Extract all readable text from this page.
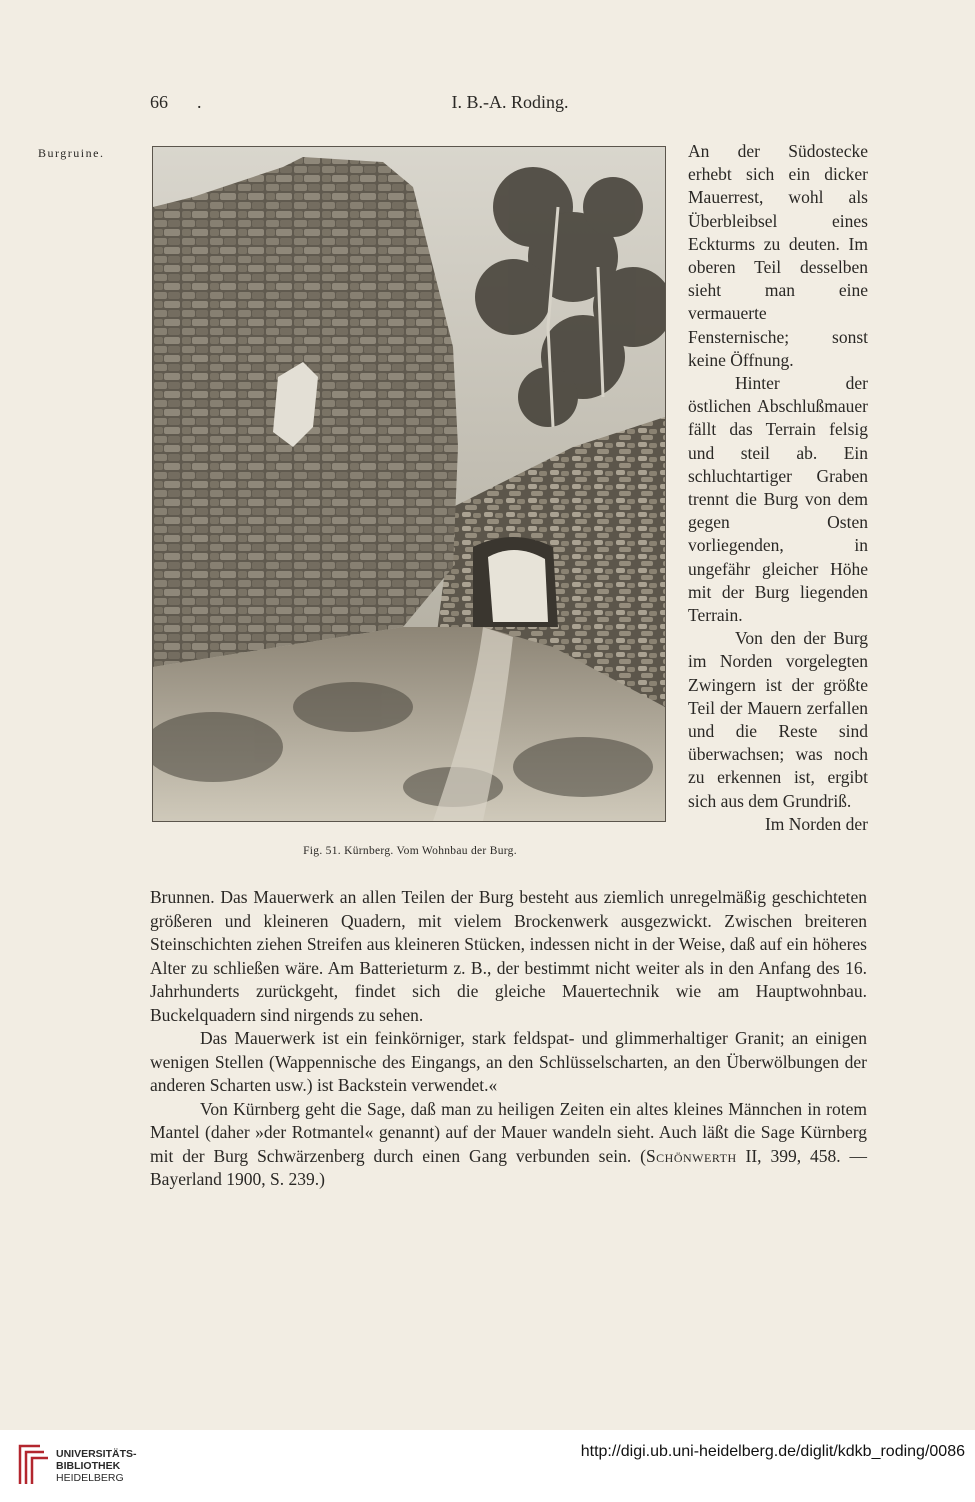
66 .	I. B.-A. Roding.
Burgruine.
Fig. 51. Kürnberg. Vom Wohnbau der Burg.

An der Südostecke erhebt sich ein dicker Mauerrest, wohl als Überbleibsel eines Eckturms zu deuten. Im oberen Teil desselben sieht man eine vermauerte Fensternische; sonst keine Öffnung.

Hinter der östlichen Abschlußmauer fällt das Terrain felsig und steil ab. Ein schluchtartiger Graben trennt die Burg von dem gegen Osten vorliegenden, in ungefähr gleicher Höhe mit der Burg liegenden Terrain.

Von den der Burg im Norden vorgelegten Zwingern ist der größte Teil der Mauern zerfallen und die Reste sind überwachsen; was noch zu erkennen ist, ergibt sich aus dem Grundriß.

Im Norden der

Brunnen. Das Mauerwerk an allen Teilen der Burg besteht aus ziemlich unregelmäßig geschichteten größeren und kleineren Quadern, mit vielem Brockenwerk ausgezwickt. Zwischen breiteren Steinschichten ziehen Streifen aus kleineren Stücken, indessen nicht in der Weise, daß auf ein höheres Alter zu schließen wäre. Am Batterieturm z. B., der bestimmt nicht weiter als in den Anfang des 16. Jahrhunderts zurückgeht, findet sich die gleiche Mauertechnik wie am Hauptwohnbau. Buckelquadern sind nirgends zu sehen.

Das Mauerwerk ist ein feinkörniger, stark feldspat- und glimmerhaltiger Granit; an einigen wenigen Stellen (Wappennische des Eingangs, an den Schlüsselscharten, an den Überwölbungen der anderen Scharten usw.) ist Backstein verwendet.«

Von Kürnberg geht die Sage, daß man zu heiligen Zeiten ein altes kleines Männchen in rotem Mantel (daher »der Rotmantel« genannt) auf der Mauer wandeln sieht. Auch läßt die Sage Kürnberg mit der Burg Schwärzenberg durch einen Gang verbunden sein. (Schönwerth II, 399, 458. — Bayerland 1900, S. 239.)

UNIVERSITÄTS-
BIBLIOTHEK
HEIDELBERG
http://digi.ub.uni-heidelberg.de/diglit/kdkb_roding/0086
